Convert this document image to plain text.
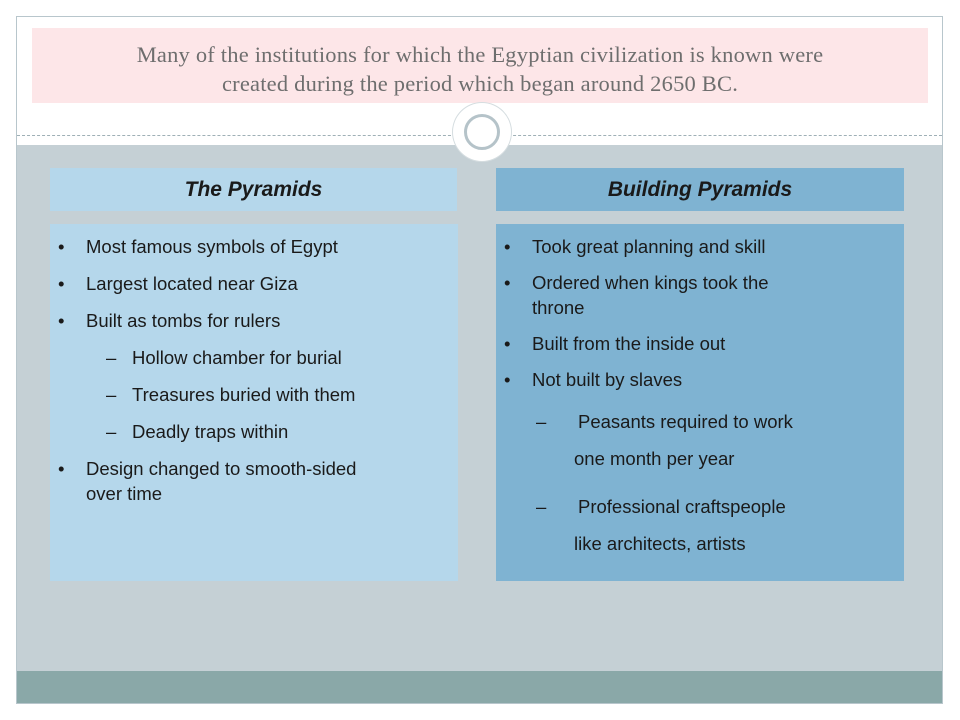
Many of the institutions for which the Egyptian civilization is known were
created during the period which began around 2650 BC.
The Pyramids	Building Pyramids
• Most famous symbols of Egypt
• Largest located near Giza
• Built as tombs for rulers
– Hollow chamber for burial
– Treasures buried with them
– Deadly traps within
• Design changed to smooth-sided
over time
• Took great planning and skill
• Ordered when kings took the
throne
• Built from the inside out
• Not built by slaves
– Peasants required to work
one month per year
– Professional craftspeople
like architects, artists
